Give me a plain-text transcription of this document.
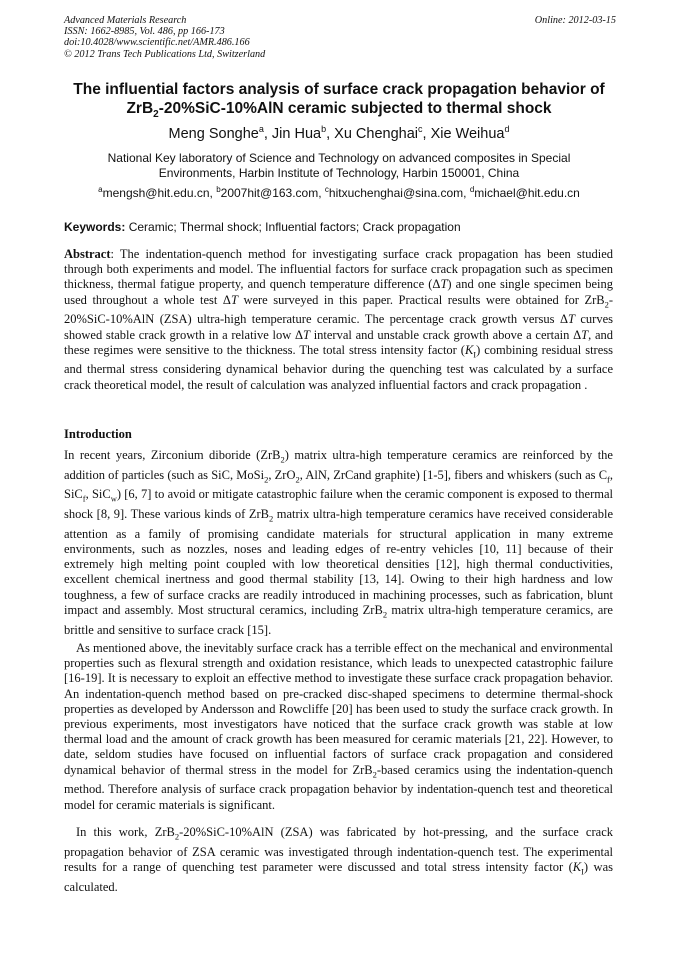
Advanced Materials Research
ISSN: 1662-8985, Vol. 486, pp 166-173
doi:10.4028/www.scientific.net/AMR.486.166
© 2012 Trans Tech Publications Ltd, Switzerland
Online: 2012-03-15
The influential factors analysis of surface crack propagation behavior of
ZrB$_2$-20%SiC-10%AlN ceramic subjected to thermal shock
Meng Songhe$^a$, Jin Hua$^b$, Xu Chenghai$^c$, Xie Weihua$^d$
National Key laboratory of Science and Technology on advanced composites in Special
Environments, Harbin Institute of Technology, Harbin 150001, China
$^a$mengsh@hit.edu.cn, $^b$2007hit@163.com, $^c$hitxuchenghai@sina.com, $^d$michael@hit.edu.cn
Keywords: Ceramic; Thermal shock; Influential factors; Crack propagation
Abstract: The indentation-quench method for investigating surface crack propagation has been studied through both experiments and model. The influential factors for surface crack propagation such as specimen thickness, thermal fatigue property, and quench temperature difference (ΔT) and one single specimen being used throughout a whole test ΔT were surveyed in this paper. Practical results were obtained for ZrB$_2$-20%SiC-10%AlN (ZSA) ultra-high temperature ceramic. The percentage crack growth versus ΔT curves showed stable crack growth in a relative low ΔT interval and unstable crack growth above a certain ΔT, and these regimes were sensitive to the thickness. The total stress intensity factor $(K_I)$ combining residual stress and thermal stress considering dynamical behavior during the quenching test was calculated by a surface crack theoretical model, the result of calculation was analyzed influential factors and crack propagation .
Introduction
In recent years, Zirconium diboride (ZrB$_2$) matrix ultra-high temperature ceramics are reinforced by the addition of particles (such as SiC, MoSi$_2$, ZrO$_2$, AlN, ZrCand graphite) [1-5], fibers and whiskers (such as $C_f$, SiC$_f$, SiC$_w$) [6, 7] to avoid or mitigate catastrophic failure when the ceramic component is exposed to thermal shock [8, 9]. These various kinds of ZrB$_2$ matrix ultra-high temperature ceramics have received considerable attention as a family of promising candidate materials for structural application in many extreme environments, such as nozzles, noses and leading edges of re-entry vehicles [10, 11] because of their extremely high melting point coupled with low theoretical densities [12], high thermal conductivities, excellent chemical inertness and good thermal stability [13, 14]. Owing to their high hardness and low toughness, a few of surface cracks are readily introduced in machining processes, such as fabrication, blunt impact and assembly. Most structural ceramics, including ZrB$_2$ matrix ultra-high temperature ceramics, are brittle and sensitive to surface crack [15].
As mentioned above, the inevitably surface crack has a terrible effect on the mechanical and environmental properties such as flexural strength and oxidation resistance, which leads to unexpected catastrophic failure [16-19]. It is necessary to exploit an effective method to investigate these surface crack propagation behavior. An indentation-quench method based on pre-cracked disc-shaped specimens to determine thermal-shock properties as developed by Andersson and Rowcliffe [20] has been used to study the surface crack growth. In previous experiments, most investigators have noticed that the surface crack growth was stable at low thermal load and the amount of crack growth has been measured for ceramic materials [21, 22]. However, to date, seldom studies have focused on influential factors of surface crack propagation and considered dynamical behavior of thermal stress in the model for ZrB$_2$-based ceramics using the indentation-quench method. Therefore analysis of surface crack propagation behavior by indentation-quench test and theoretical model for ceramic materials is significant.
In this work, ZrB$_2$-20%SiC-10%AlN (ZSA) was fabricated by hot-pressing, and the surface crack propagation behavior of ZSA ceramic was investigated through indentation-quench test. The experimental results for a range of quenching test parameter were discussed and total stress intensity factor $(K_I)$ was calculated.
